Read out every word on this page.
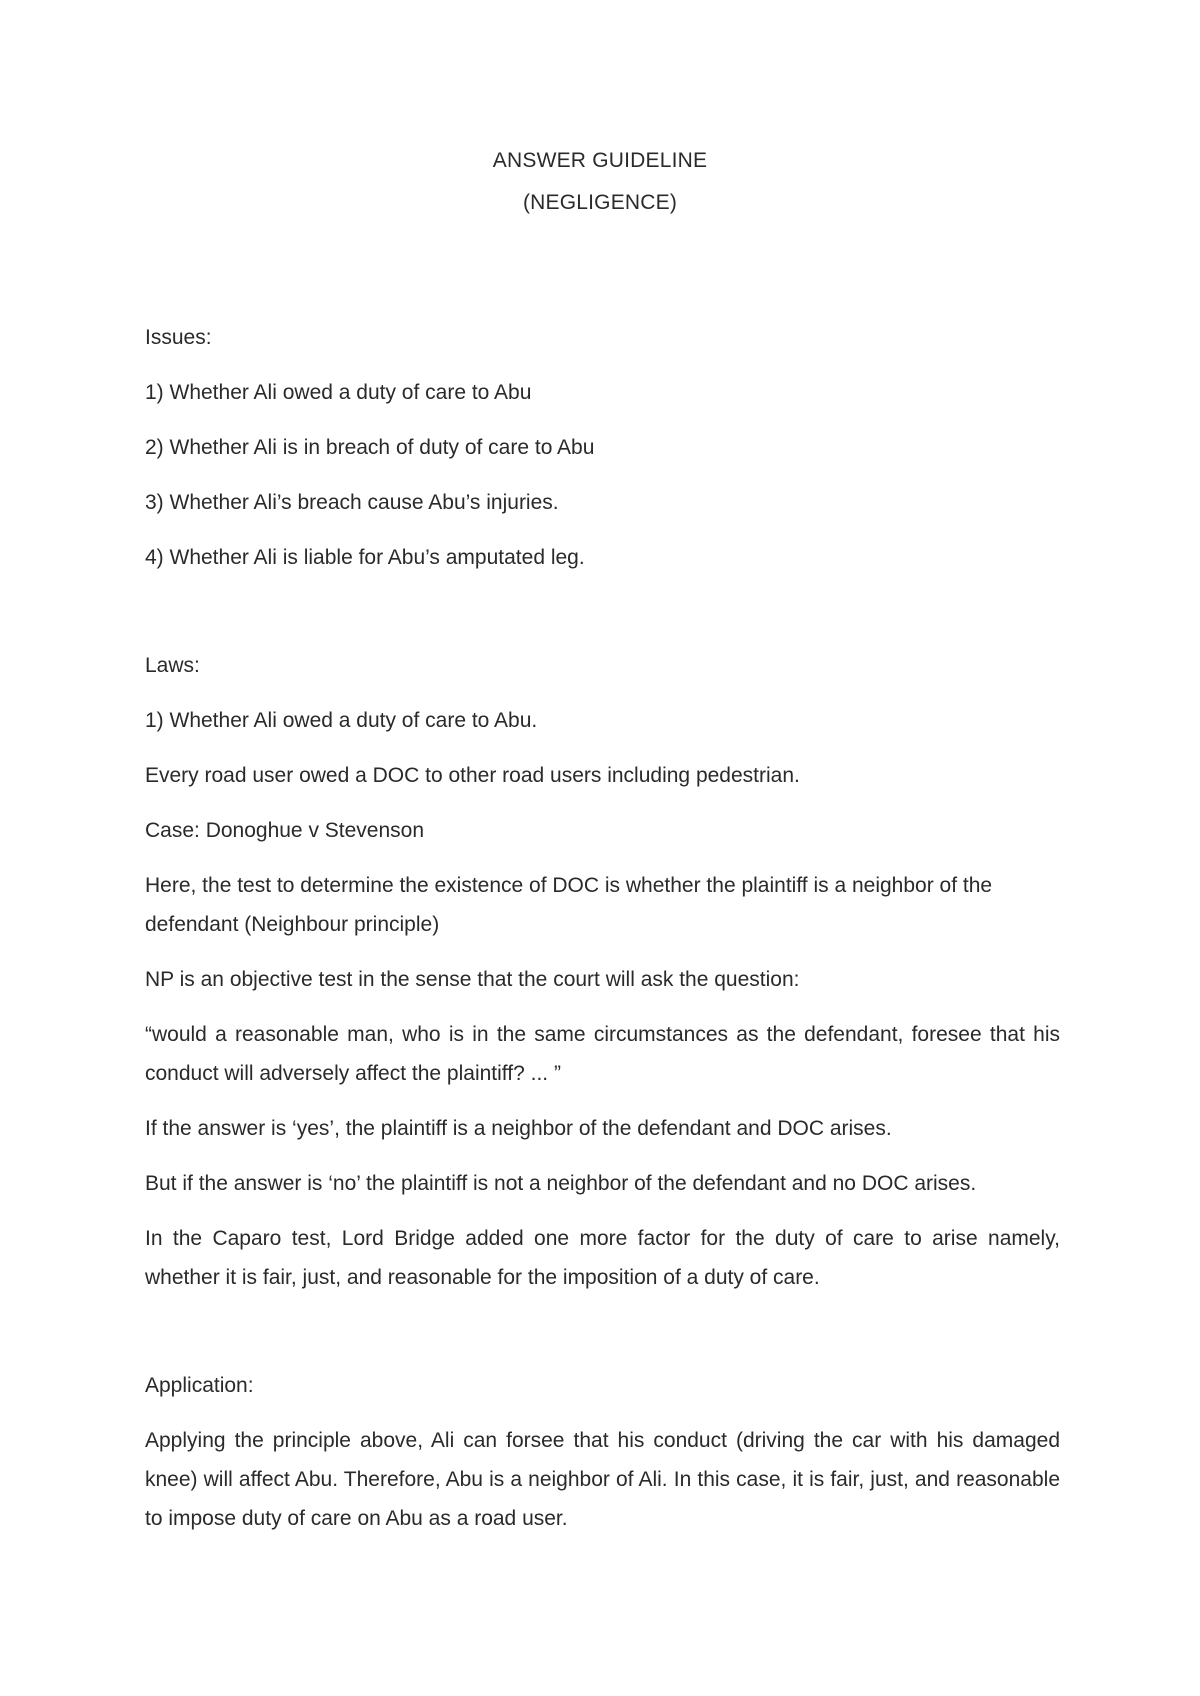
ANSWER GUIDELINE

(NEGLIGENCE)

Issues:

1) Whether Ali owed a duty of care to Abu

2) Whether Ali is in breach of duty of care to Abu

3) Whether Ali’s breach cause Abu’s injuries.

4) Whether Ali is liable for Abu’s amputated leg.

Laws:

1) Whether Ali owed a duty of care to Abu.

Every road user owed a DOC to other road users including pedestrian.

Case: Donoghue v Stevenson

Here, the test to determine the existence of DOC is whether the plaintiff is a neighbor of the defendant (Neighbour principle)

NP is an objective test in the sense that the court will ask the question:

“would a reasonable man, who is in the same circumstances as the defendant, foresee that his conduct will adversely affect the plaintiff? ... ”

If the answer is ‘yes’, the plaintiff is a neighbor of the defendant and DOC arises.

But if the answer is ‘no’ the plaintiff is not a neighbor of the defendant and no DOC arises.

In the Caparo test, Lord Bridge added one more factor for the duty of care to arise namely, whether it is fair, just, and reasonable for the imposition of a duty of care.

Application:

Applying the principle above, Ali can forsee that his conduct (driving the car with his damaged knee) will affect Abu. Therefore, Abu is a neighbor of Ali. In this case, it is fair, just, and reasonable to impose duty of care on Abu as a road user.
